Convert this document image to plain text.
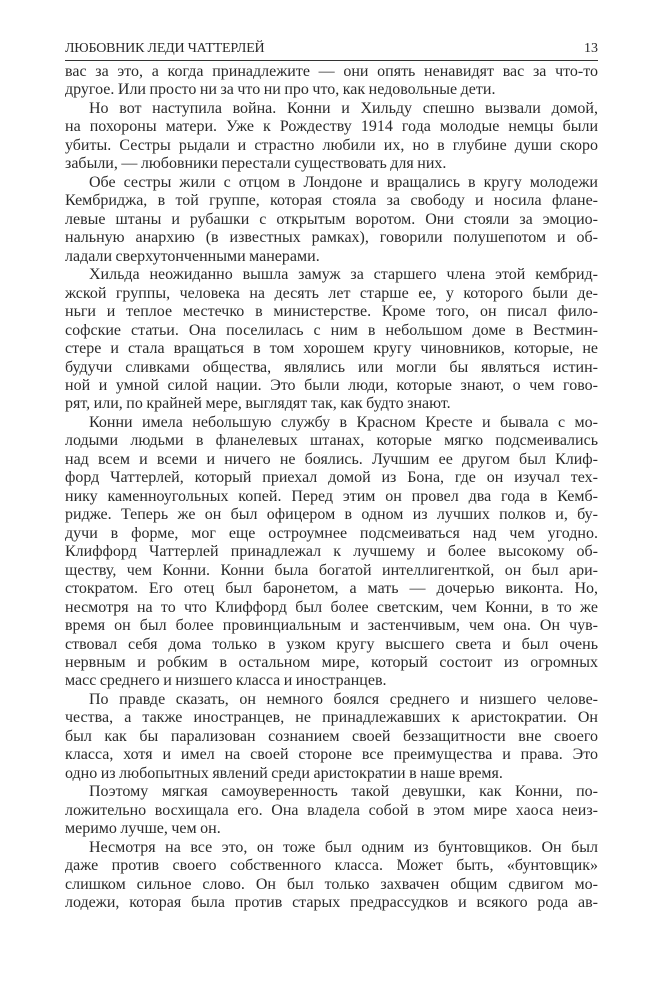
ЛЮБОВНИК ЛЕДИ ЧАТТЕРЛЕЙ	13
вас за это, а когда принадлежите — они опять ненавидят вас за что-то
другое. Или просто ни за что ни про что, как недовольные дети.
Но вот наступила война. Конни и Хильду спешно вызвали домой,
на похороны матери. Уже к Рождеству 1914 года молодые немцы были
убиты. Сестры рыдали и страстно любили их, но в глубине души скоро
забыли, — любовники перестали существовать для них.
Обе сестры жили с отцом в Лондоне и вращались в кругу молодежи
Кембриджа, в той группе, которая стояла за свободу и носила флане-
левые штаны и рубашки с открытым воротом. Они стояли за эмоцио-
нальную анархию (в известных рамках), говорили полушепотом и об-
ладали сверхутонченными манерами.
Хильда неожиданно вышла замуж за старшего члена этой кембрид-
жской группы, человека на десять лет старше ее, у которого были де-
ньги и теплое местечко в министерстве. Кроме того, он писал фило-
софские статьи. Она поселилась с ним в небольшом доме в Вестмин-
стере и стала вращаться в том хорошем кругу чиновников, которые, не
будучи сливками общества, являлись или могли бы являться истин-
ной и умной силой нации. Это были люди, которые знают, о чем гово-
рят, или, по крайней мере, выглядят так, как будто знают.
Конни имела небольшую службу в Красном Кресте и бывала с мо-
лодыми людьми в фланелевых штанах, которые мягко подсмеивались
над всем и всеми и ничего не боялись. Лучшим ее другом был Клиф-
форд Чаттерлей, который приехал домой из Бона, где он изучал тех-
нику каменноугольных копей. Перед этим он провел два года в Кемб-
ридже. Теперь же он был офицером в одном из лучших полков и, бу-
дучи в форме, мог еще остроумнее подсмеиваться над чем угодно.
Клиффорд Чаттерлей принадлежал к лучшему и более высокому об-
ществу, чем Конни. Конни была богатой интеллигенткой, он был ари-
стократом. Его отец был баронетом, а мать — дочерью виконта. Но,
несмотря на то что Клиффорд был более светским, чем Конни, в то же
время он был более провинциальным и застенчивым, чем она. Он чув-
ствовал себя дома только в узком кругу высшего света и был очень
нервным и робким в остальном мире, который состоит из огромных
масс среднего и низшего класса и иностранцев.
По правде сказать, он немного боялся среднего и низшего челове-
чества, а также иностранцев, не принадлежавших к аристократии. Он
был как бы парализован сознанием своей беззащитности вне своего
класса, хотя и имел на своей стороне все преимущества и права. Это
одно из любопытных явлений среди аристократии в наше время.
Поэтому мягкая самоуверенность такой девушки, как Конни, по-
ложительно восхищала его. Она владела собой в этом мире хаоса неиз-
меримо лучше, чем он.
Несмотря на все это, он тоже был одним из бунтовщиков. Он был
даже против своего собственного класса. Может быть, «бунтовщик»
слишком сильное слово. Он был только захвачен общим сдвигом мо-
лодежи, которая была против старых предрассудков и всякого рода ав-
